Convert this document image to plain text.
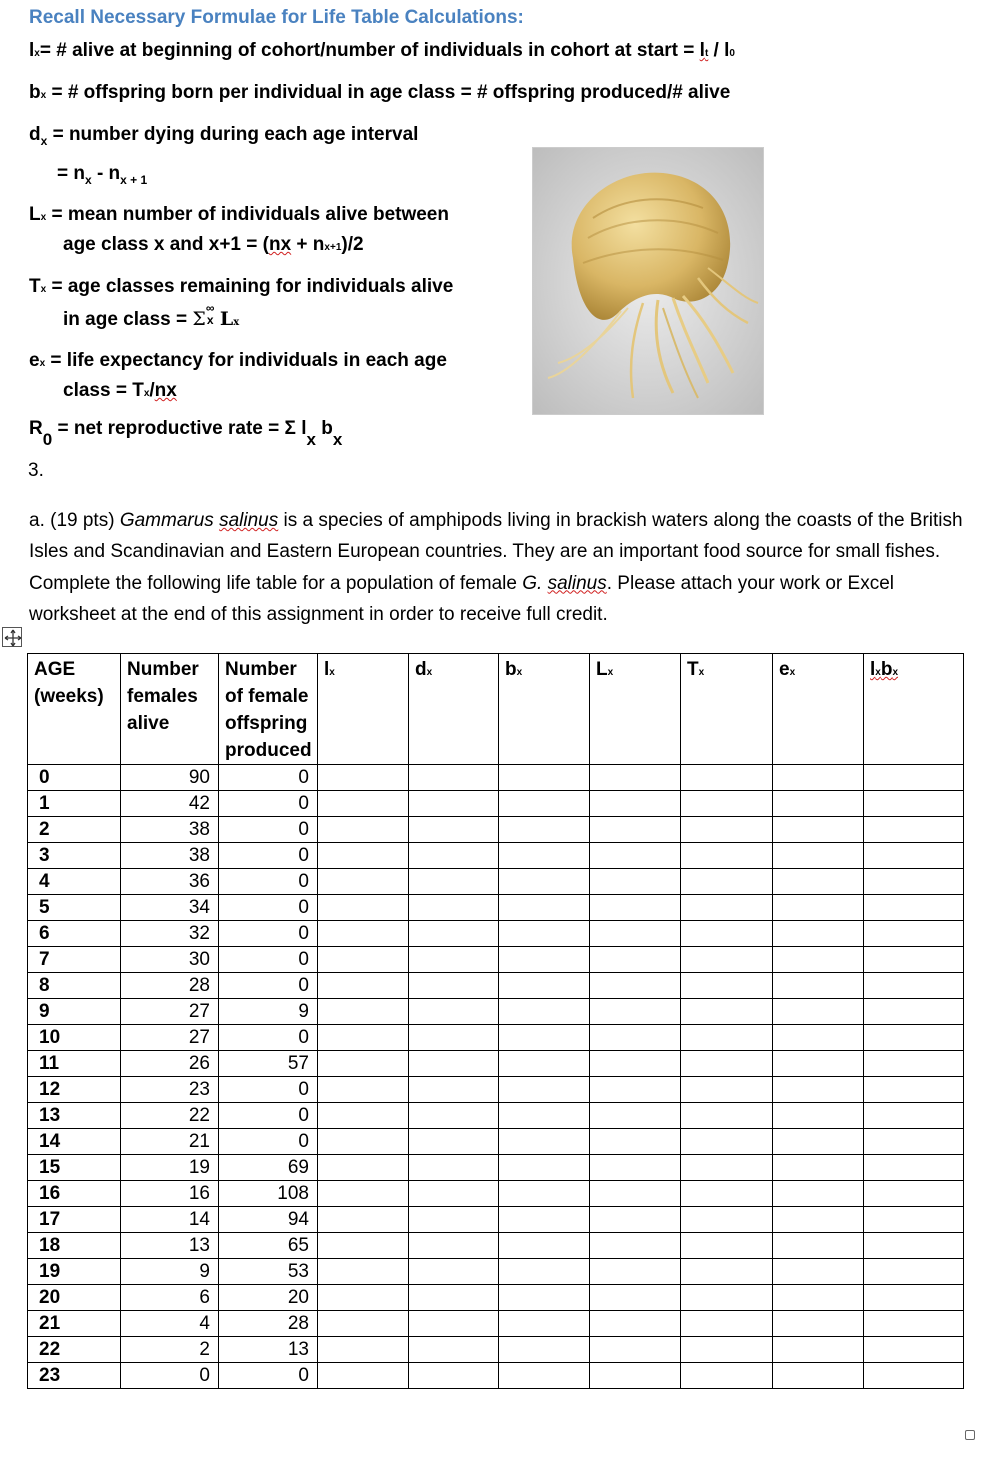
Recall Necessary Formulae for Life Table Calculations:
lx= # alive at beginning of cohort/number of individuals in cohort at start = lt / l0
bx = # offspring born per individual in age class = # offspring produced/# alive
$d_x$ = number dying during each age interval
= $n_x - n_{x + 1}$
Lx = mean number of individuals alive between
age class x and x+1 = (nx + nx+1)/2
Tx = age classes remaining for individuals alive
in age class = Σ ∞
x Lx
ex = life expectancy for individuals in each age
class = Tx/nx
R0 = net reproductive rate = Σ lx bx
3.
a. (19 pts) Gammarus salinus is a species of amphipods living in brackish waters along the coasts of the British Isles and Scandinavian and Eastern European countries. They are an important food source for small fishes. Complete the following life table for a population of female G. salinus. Please attach your work or Excel worksheet at the end of this assignment in order to receive full credit.
AGE
(weeks)	Number
females
alive	Number
of female
offspring
produced	lx	dx	bx	Lx	Tx	ex	lxbx
0	90	0							
1	42	0							
2	38	0							
3	38	0							
4	36	0							
5	34	0							
6	32	0							
7	30	0							
8	28	0							
9	27	9							
10	27	0							
11	26	57							
12	23	0							
13	22	0							
14	21	0							
15	19	69							
16	16	108							
17	14	94							
18	13	65							
19	9	53							
20	6	20							
21	4	28							
22	2	13							
23	0	0							
